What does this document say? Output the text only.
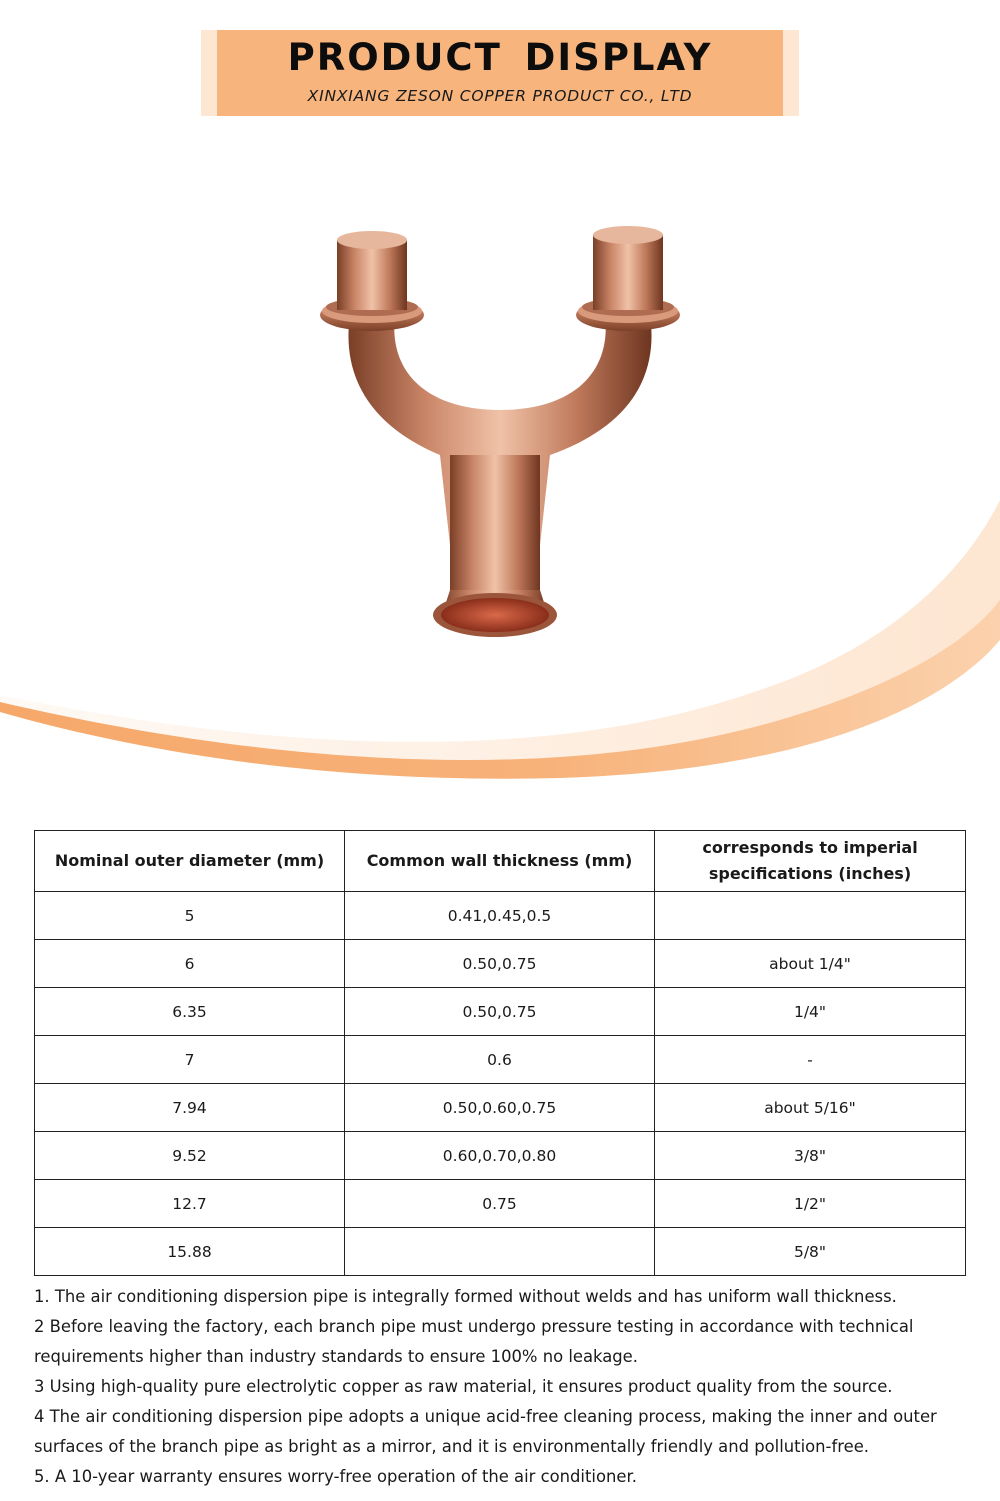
PRODUCT DISPLAY
XINXIANG ZESON COPPER PRODUCT CO., LTD
Nominal outer diameter (mm)	Common wall thickness (mm)	corresponds to imperial specifications (inches)
5	0.41,0.45,0.5	
6	0.50,0.75	about 1/4"
6.35	0.50,0.75	1/4"
7	0.6	-
7.94	0.50,0.60,0.75	about 5/16"
9.52	0.60,0.70,0.80	3/8"
12.7	0.75	1/2"
15.88		5/8"

1. The air conditioning dispersion pipe is integrally formed without welds and has uniform wall thickness.

2 Before leaving the factory, each branch pipe must undergo pressure testing in accordance with technical requirements higher than industry standards to ensure 100% no leakage.

3 Using high-quality pure electrolytic copper as raw material, it ensures product quality from the source.

4 The air conditioning dispersion pipe adopts a unique acid-free cleaning process, making the inner and outer surfaces of the branch pipe as bright as a mirror, and it is environmentally friendly and pollution-free.

5. A 10-year warranty ensures worry-free operation of the air conditioner.
